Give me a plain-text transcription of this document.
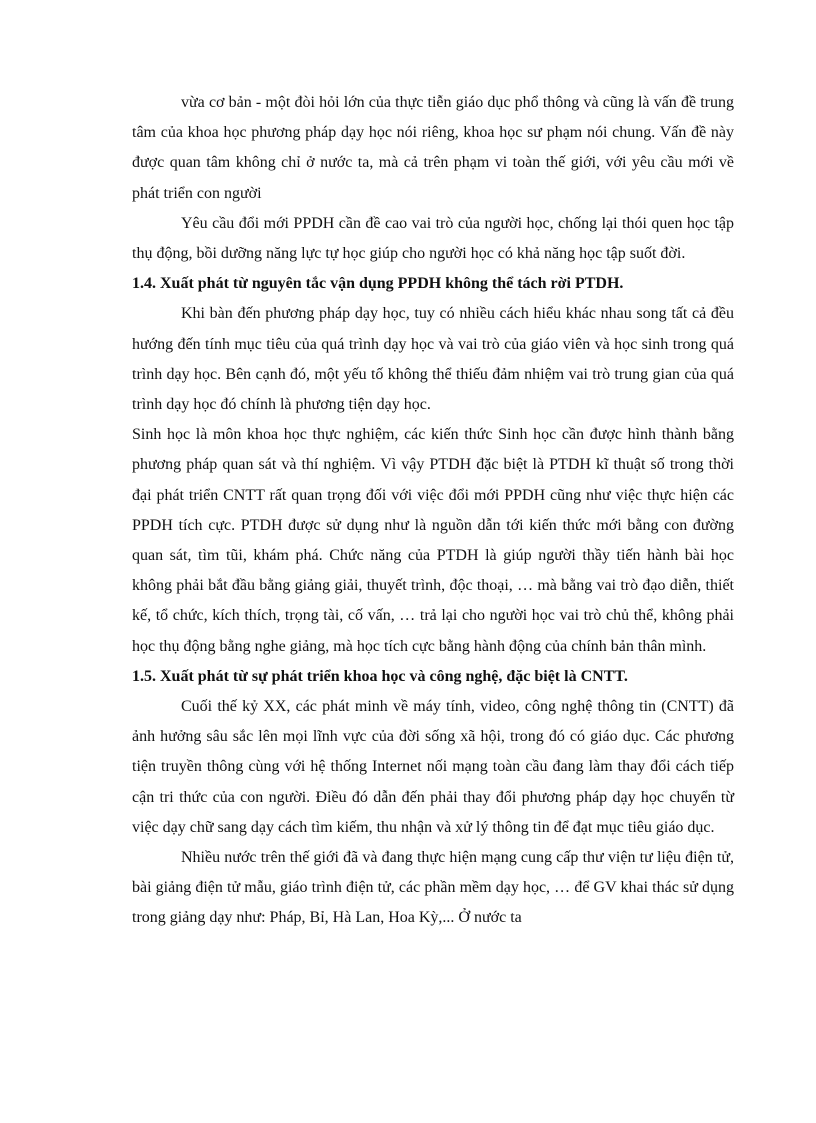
vừa cơ bản - một đòi hỏi lớn của thực tiễn giáo dục phổ thông và cũng là vấn đề trung tâm của khoa học phương pháp dạy học nói riêng, khoa học sư phạm nói chung. Vấn đề này được quan tâm không chỉ ở nước ta, mà cả trên phạm vi toàn thế giới, với yêu cầu mới về phát triển con người

Yêu cầu đổi mới PPDH cần đề cao vai trò của người học, chống lại thói quen học tập thụ động, bồi dưỡng năng lực tự học giúp cho người học có khả năng học tập suốt đời.

1.4. Xuất phát từ nguyên tắc vận dụng PPDH không thể tách rời PTDH.

Khi bàn đến phương pháp dạy học, tuy có nhiều cách hiểu khác nhau song tất cả đều hướng đến tính mục tiêu của quá trình dạy học và vai trò của giáo viên và học sinh trong quá trình dạy học. Bên cạnh đó, một yếu tố không thể thiếu đảm nhiệm vai trò trung gian của quá trình dạy học đó chính là phương tiện dạy học.

Sinh học là môn khoa học thực nghiệm, các kiến thức Sinh học cần được hình thành bằng phương pháp quan sát và thí nghiệm. Vì vậy PTDH đặc biệt là PTDH kĩ thuật số trong thời đại phát triển CNTT rất quan trọng đối với việc đổi mới PPDH cũng như việc thực hiện các PPDH tích cực. PTDH được sử dụng như là nguồn dẫn tới kiến thức mới bằng con đường quan sát, tìm tũi, khám phá. Chức năng của PTDH là giúp người thầy tiến hành bài học không phải bắt đầu bằng giảng giải, thuyết trình, độc thoại, … mà bằng vai trò đạo diễn, thiết kế, tổ chức, kích thích, trọng tài, cố vấn, … trả lại cho người học vai trò chủ thể, không phải học thụ động bằng nghe giảng, mà học tích cực bằng hành động của chính bản thân mình.

1.5. Xuất phát từ sự phát triển khoa học và công nghệ, đặc biệt là CNTT.

Cuối thế kỷ XX, các phát minh về máy tính, video, công nghệ thông tin (CNTT) đã ảnh hưởng sâu sắc lên mọi lĩnh vực của đời sống xã hội, trong đó có giáo dục. Các phương tiện truyền thông cùng với hệ thống Internet nối mạng toàn cầu đang làm thay đổi cách tiếp cận tri thức của con người. Điều đó dẫn đến phải thay đổi phương pháp dạy học chuyển từ việc dạy chữ sang dạy cách tìm kiếm, thu nhận và xử lý thông tin để đạt mục tiêu giáo dục.

Nhiều nước trên thế giới đã và đang thực hiện mạng cung cấp thư viện tư liệu điện tử, bài giảng điện tử mẫu, giáo trình điện tử, các phần mềm dạy học, … để GV khai thác sử dụng trong giảng dạy như: Pháp, Bỉ, Hà Lan, Hoa Kỳ,... Ở nước ta
